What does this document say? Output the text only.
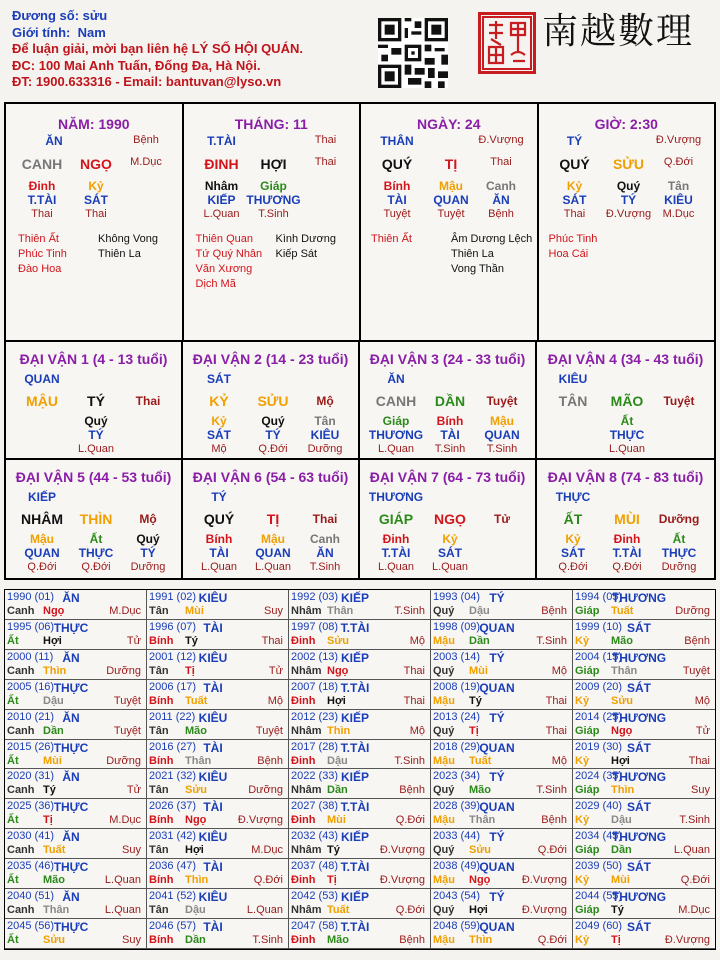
Đương số: sửu
Giới tính: Nam
Để luận giải, mời bạn liên hệ LÝ SỐ HỘI QUÁN.
ĐC: 100 Mai Anh Tuấn, Đống Đa, Hà Nội.
ĐT: 1900.633316 - Email: bantuvan@lyso.vn
南越數理
NĂM: 1990
ĂN	Bệnh
CANH NGỌ M.Dục
Đinh	Kỷ
T.TÀI SÁT
Thai	Thai
Thiên Ất	Không Vong
Phúc Tinh	Thiên La
Đào Hoa
THÁNG: 11
T.TÀI	Thai
ĐINH HỢI	Thai
Nhâm Giáp
KIẾP THƯƠNG
L.Quan T.Sinh
Thiên Quan Kình Dương
Tứ Quý Nhân Kiếp Sát
Văn Xương
Dịch Mã
NGÀY: 24
THÂN	Đ.Vượng
QUÝ TỊ	Thai
Bính Mậu Canh
TÀI QUAN ĂN
Tuyệt Tuyệt Bệnh
Thiên Ất	Âm Dương Lệch
Thiên La
Vong Thần
GIỜ: 2:30
TÝ	Đ.Vượng
QUÝ SỬU Q.Đới
Kỷ	Quý Tân
SÁT	TÝ KIÊU
Thai Đ.Vượng M.Dục
Phúc Tinh
Hoa Cái
ĐẠI VẬN 1 (4 - 13 tuổi)
QUAN
MẬU TÝ	Thai
Quý
TÝ
L.Quan
ĐẠI VẬN 2 (14 - 23 tuổi)
SÁT
KỶ SỬU Mộ
Kỷ	Quý Tân
SÁT	TÝ KIÊU
Mộ	Q.Đới Dưỡng
ĐẠI VẬN 3 (24 - 33 tuổi)
ĂN
CANH DẦN Tuyệt
Giáp Bính Mậu
THƯƠNG TÀI QUAN
L.Quan T.Sinh T.Sinh
ĐẠI VẬN 4 (34 - 43 tuổi)
KIÊU
TÂN MÃO Tuyệt
Ất
THỰC
L.Quan
ĐẠI VẬN 5 (44 - 53 tuổi)
KIẾP
NHÂM THÌN Mộ
Mậu	Ất	Quý
QUAN THỰC TÝ
Q.Đới Q.Đới Dưỡng
ĐẠI VẬN 6 (54 - 63 tuổi)
TÝ
QUÝ TỊ	Thai
Bính Mậu Canh
TÀI QUAN ĂN
L.Quan L.Quan T.Sinh
ĐẠI VẬN 7 (64 - 73 tuổi)
THƯƠNG
GIÁP NGỌ Tử
Đinh	Kỷ
T.TÀI SÁT
L.Quan L.Quan
ĐẠI VẬN 8 (74 - 83 tuổi)
THỰC
ẤT MÙI Dưỡng
Kỷ	Đinh	Ất
SÁT T.TÀI THỰC
Q.Đới Q.Đới Dưỡng
1990 (01) ĂN
Canh Ngọ	M.Dục
1991 (02) KIÊU
Tân Mùi	Suy
1992 (03) KIẾP
Nhâm Thân	T.Sinh
1993 (04) TÝ
Quý Dậu	Bệnh
1994 (05)
THƯƠNG
Giáp Tuất	Dưỡng
1995 (06) THỰC
Ất Hợi	Tử
1996 (07) TÀI
Bính Tý	Thai
1997 (08) T.TÀI
Đinh Sửu	Mộ
1998 (09) QUAN
Mậu Dần	T.Sinh
1999 (10) SÁT
Kỷ Mão	Bệnh
2000 (11) ĂN
Canh Thìn	Dưỡng
2001 (12) KIÊU
Tân Tị	Tử
2002 (13) KIẾP
Nhâm Ngọ	Thai
2003 (14) TÝ
Quý Mùi	Mộ
2004 (15)
THƯƠNG
Giáp Thân	Tuyệt
2005 (16) THỰC
Ất Dậu	Tuyệt
2006 (17) TÀI
Bính Tuất	Mộ
2007 (18) T.TÀI
Đinh Hợi	Thai
2008 (19) QUAN
Mậu Tý	Thai
2009 (20) SÁT
Kỷ Sửu	Mộ
2010 (21) ĂN
Canh Dần	Tuyệt
2011 (22) KIÊU
Tân Mão	Tuyệt
2012 (23) KIẾP
Nhâm Thìn	Mộ
2013 (24) TÝ
Quý Tị	Thai
2014 (25)
THƯƠNG
Giáp Ngọ	Tử
2015 (26) THỰC
Ất Mùi	Dưỡng
2016 (27) TÀI
Bính Thân	Bệnh
2017 (28) T.TÀI
Đinh Dậu	T.Sinh
2018 (29) QUAN
Mậu Tuất	Mộ
2019 (30) SÁT
Kỷ Hợi	Thai
2020 (31) ĂN
Canh Tý	Tử
2021 (32) KIÊU
Tân Sửu	Dưỡng
2022 (33) KIẾP
Nhâm Dần	Bệnh
2023 (34) TÝ
Quý Mão	T.Sinh
2024 (35)
THƯƠNG
Giáp Thìn	Suy
2025 (36) THỰC
Ất Tị	M.Dục
2026 (37) TÀI
Bính Ngọ	Đ.Vượng
2027 (38) T.TÀI
Đinh Mùi	Q.Đới
2028 (39) QUAN
Mậu Thân	Bệnh
2029 (40) SÁT
Kỷ Dậu	T.Sinh
2030 (41) ĂN
Canh Tuất	Suy
2031 (42) KIÊU
Tân Hợi	M.Dục
2032 (43) KIẾP
Nhâm Tý	Đ.Vượng
2033 (44) TÝ
Quý Sửu	Q.Đới
2034 (45)
THƯƠNG
Giáp Dần	L.Quan
2035 (46) THỰC
Ất Mão	L.Quan
2036 (47) TÀI
Bính Thìn	Q.Đới
2037 (48) T.TÀI
Đinh Tị	Đ.Vượng
2038 (49) QUAN
Mậu Ngọ	Đ.Vượng
2039 (50) SÁT
Kỷ Mùi	Q.Đới
2040 (51) ĂN
Canh Thân	L.Quan
2041 (52) KIÊU
Tân Dậu	L.Quan
2042 (53) KIẾP
Nhâm Tuất	Q.Đới
2043 (54) TÝ
Quý Hợi	Đ.Vượng
2044 (55)
THƯƠNG
Giáp Tý	M.Dục
2045 (56) THỰC
Ất Sửu	Suy
2046 (57) TÀI
Bính Dần	T.Sinh
2047 (58) T.TÀI
Đinh Mão	Bệnh
2048 (59) QUAN
Mậu Thìn	Q.Đới
2049 (60) SÁT
Kỷ Tị	Đ.Vượng
